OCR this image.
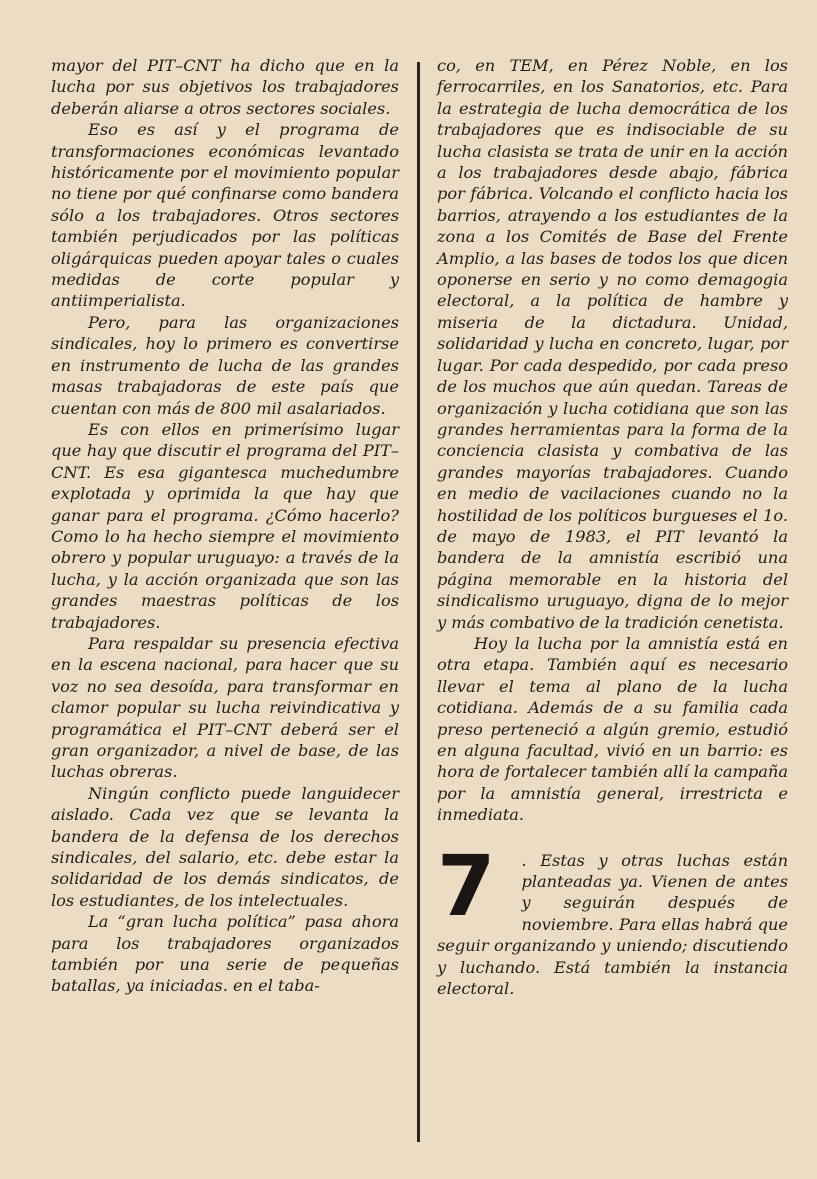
mayor del PIT–CNT ha dicho que en la lucha por sus objetivos los trabajadores deberán aliarse a otros sectores sociales.

Eso es así y el programa de transformaciones económicas levantado históricamente por el movimiento popular no tiene por qué confinarse como bandera sólo a los trabajadores. Otros sectores también perjudicados por las políticas oligárquicas pueden apoyar tales o cuales medidas de corte popular y antiimperialista.

Pero, para las organizaciones sindicales, hoy lo primero es convertirse en instrumento de lucha de las grandes masas trabajadoras de este país que cuentan con más de 800 mil asalariados.

Es con ellos en primerísimo lugar que hay que discutir el programa del PIT–CNT. Es esa gigantesca muchedumbre explotada y oprimida la que hay que ganar para el programa. ¿Cómo hacerlo? Como lo ha hecho siempre el movimiento obrero y popular uruguayo: a través de la lucha, y la acción organizada que son las grandes maestras políticas de los trabajadores.

Para respaldar su presencia efectiva en la escena nacional, para hacer que su voz no sea desoída, para transformar en clamor popular su lucha reivindicativa y programática el PIT–CNT deberá ser el gran organizador, a nivel de base, de las luchas obreras.

Ningún conflicto puede languidecer aislado. Cada vez que se levanta la bandera de la defensa de los derechos sindicales, del salario, etc. debe estar la solidaridad de los demás sindicatos, de los estudiantes, de los intelectuales.

La “gran lucha política” pasa ahora para los trabajadores organizados también por una serie de pequeñas batallas, ya iniciadas. en el taba-

co, en TEM, en Pérez Noble, en los ferrocarriles, en los Sanatorios, etc. Para la estrategia de lucha democrática de los trabajadores que es indisociable de su lucha clasista se trata de unir en la acción a los trabajadores desde abajo, fábrica por fábrica. Volcando el conflicto hacia los barrios, atrayendo a los estudiantes de la zona a los Comités de Base del Frente Amplio, a las bases de todos los que dicen oponerse en serio y no como demagogia electoral, a la política de hambre y miseria de la dictadura. Unidad, solidaridad y lucha en concreto, lugar, por lugar. Por cada despedido, por cada preso de los muchos que aún quedan. Tareas de organización y lucha cotidiana que son las grandes herramientas para la forma de la conciencia clasista y combativa de las grandes mayorías trabajadores. Cuando en medio de vacilaciones cuando no la hostilidad de los políticos burgueses el 1o. de mayo de 1983, el PIT levantó la bandera de la amnistía escribió una página memorable en la historia del sindicalismo uruguayo, digna de lo mejor y más combativo de la tradición cenetista.

Hoy la lucha por la amnistía está en otra etapa. También aquí es necesario llevar el tema al plano de la lucha cotidiana. Además de a su familia cada preso perteneció a algún gremio, estudió en alguna facultad, vivió en un barrio: es hora de fortalecer también allí la campaña por la amnistía general, irrestricta e inmediata.

7	. Estas y otras luchas están planteadas ya. Vienen de antes y seguirán después de noviembre. Para ellas habrá que seguir organizando y uniendo; discutiendo y luchando. Está también la instancia electoral.
